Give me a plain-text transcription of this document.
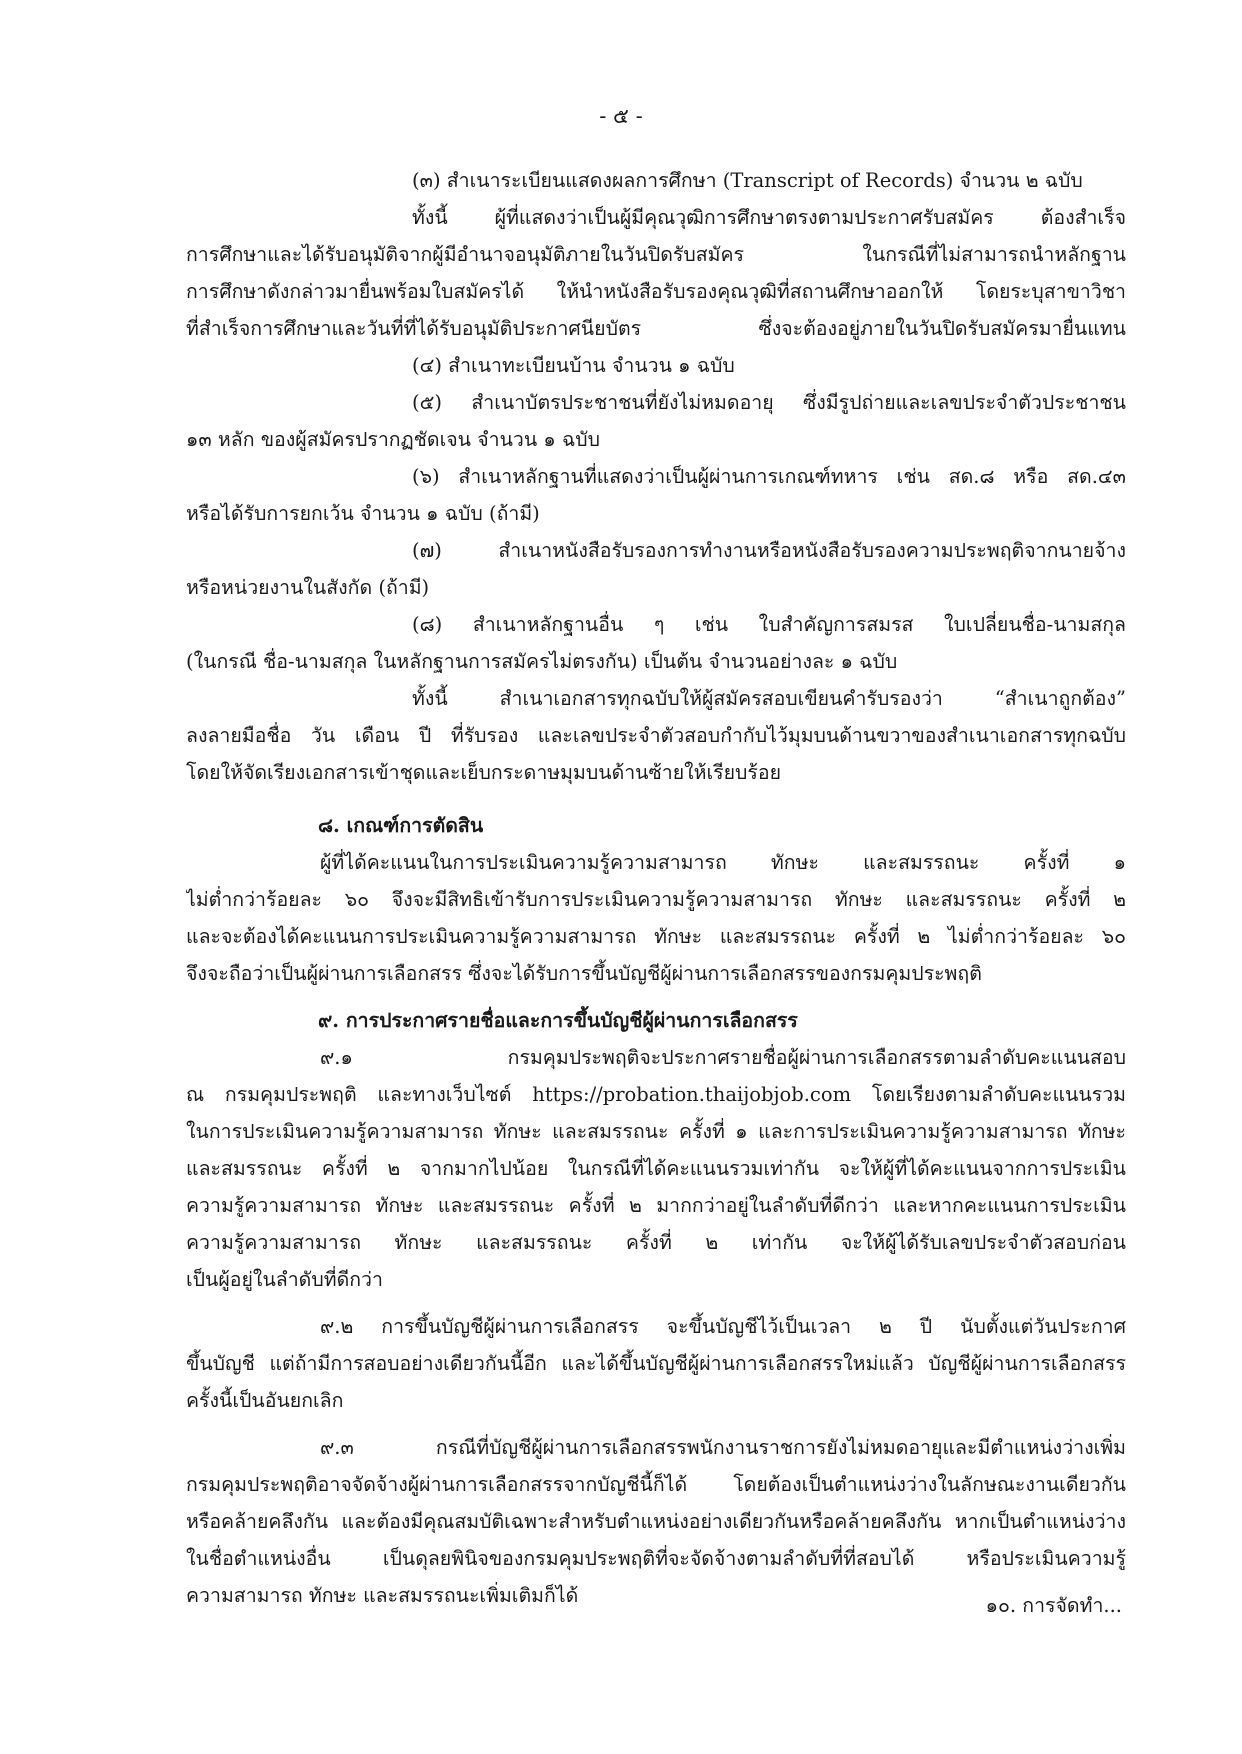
- ๕ -
(๓) สำเนาระเบียนแสดงผลการศึกษา (Transcript of Records) จำนวน ๒ ฉบับ
ทั้งนี้ ผู้ที่แสดงว่าเป็นผู้มีคุณวุฒิการศึกษาตรงตามประกาศรับสมัคร ต้องสำเร็จ
การศึกษาและได้รับอนุมัติจากผู้มีอำนาจอนุมัติภายในวันปิดรับสมัคร ในกรณีที่ไม่สามารถนำหลักฐาน
การศึกษาดังกล่าวมายื่นพร้อมใบสมัครได้ ให้นำหนังสือรับรองคุณวุฒิที่สถานศึกษาออกให้ โดยระบุสาขาวิชา
ที่สำเร็จการศึกษาและวันที่ที่ได้รับอนุมัติประกาศนียบัตร ซึ่งจะต้องอยู่ภายในวันปิดรับสมัครมายื่นแทน
(๔) สำเนาทะเบียนบ้าน จำนวน ๑ ฉบับ
(๕) สำเนาบัตรประชาชนที่ยังไม่หมดอายุ ซึ่งมีรูปถ่ายและเลขประจำตัวประชาชน
๑๓ หลัก ของผู้สมัครปรากฏชัดเจน จำนวน ๑ ฉบับ
(๖) สำเนาหลักฐานที่แสดงว่าเป็นผู้ผ่านการเกณฑ์ทหาร เช่น สด.๘ หรือ สด.๔๓
หรือได้รับการยกเว้น จำนวน ๑ ฉบับ (ถ้ามี)
(๗) สำเนาหนังสือรับรองการทำงานหรือหนังสือรับรองความประพฤติจากนายจ้าง
หรือหน่วยงานในสังกัด (ถ้ามี)
(๘) สำเนาหลักฐานอื่น ๆ เช่น ใบสำคัญการสมรส ใบเปลี่ยนชื่อ-นามสกุล
(ในกรณี ชื่อ-นามสกุล ในหลักฐานการสมัครไม่ตรงกัน) เป็นต้น จำนวนอย่างละ ๑ ฉบับ
ทั้งนี้ สำเนาเอกสารทุกฉบับให้ผู้สมัครสอบเขียนคำรับรองว่า “สำเนาถูกต้อง”
ลงลายมือชื่อ วัน เดือน ปี ที่รับรอง และเลขประจำตัวสอบกำกับไว้มุมบนด้านขวาของสำเนาเอกสารทุกฉบับ
โดยให้จัดเรียงเอกสารเข้าชุดและเย็บกระดาษมุมบนด้านซ้ายให้เรียบร้อย
๘. เกณฑ์การตัดสิน
ผู้ที่ได้คะแนนในการประเมินความรู้ความสามารถ ทักษะ และสมรรถนะ ครั้งที่ ๑
ไม่ต่ำกว่าร้อยละ ๖๐ จึงจะมีสิทธิเข้ารับการประเมินความรู้ความสามารถ ทักษะ และสมรรถนะ ครั้งที่ ๒
และจะต้องได้คะแนนการประเมินความรู้ความสามารถ ทักษะ และสมรรถนะ ครั้งที่ ๒ ไม่ต่ำกว่าร้อยละ ๖๐
จึงจะถือว่าเป็นผู้ผ่านการเลือกสรร ซึ่งจะได้รับการขึ้นบัญชีผู้ผ่านการเลือกสรรของกรมคุมประพฤติ
๙. การประกาศรายชื่อและการขึ้นบัญชีผู้ผ่านการเลือกสรร
๙.๑ กรมคุมประพฤติจะประกาศรายชื่อผู้ผ่านการเลือกสรรตามลำดับคะแนนสอบ
ณ กรมคุมประพฤติ และทางเว็บไซต์ https://probation.thaijobjob.com โดยเรียงตามลำดับคะแนนรวม
ในการประเมินความรู้ความสามารถ ทักษะ และสมรรถนะ ครั้งที่ ๑ และการประเมินความรู้ความสามารถ ทักษะ
และสมรรถนะ ครั้งที่ ๒ จากมากไปน้อย ในกรณีที่ได้คะแนนรวมเท่ากัน จะให้ผู้ที่ได้คะแนนจากการประเมิน
ความรู้ความสามารถ ทักษะ และสมรรถนะ ครั้งที่ ๒ มากกว่าอยู่ในลำดับที่ดีกว่า และหากคะแนนการประเมิน
ความรู้ความสามารถ ทักษะ และสมรรถนะ ครั้งที่ ๒ เท่ากัน จะให้ผู้ได้รับเลขประจำตัวสอบก่อน
เป็นผู้อยู่ในลำดับที่ดีกว่า
๙.๒ การขึ้นบัญชีผู้ผ่านการเลือกสรร จะขึ้นบัญชีไว้เป็นเวลา ๒ ปี นับตั้งแต่วันประกาศ
ขึ้นบัญชี แต่ถ้ามีการสอบอย่างเดียวกันนี้อีก และได้ขึ้นบัญชีผู้ผ่านการเลือกสรรใหม่แล้ว บัญชีผู้ผ่านการเลือกสรร
ครั้งนี้เป็นอันยกเลิก
๙.๓ กรณีที่บัญชีผู้ผ่านการเลือกสรรพนักงานราชการยังไม่หมดอายุและมีตำแหน่งว่างเพิ่ม
กรมคุมประพฤติอาจจัดจ้างผู้ผ่านการเลือกสรรจากบัญชีนี้ก็ได้ โดยต้องเป็นตำแหน่งว่างในลักษณะงานเดียวกัน
หรือคล้ายคลึงกัน และต้องมีคุณสมบัติเฉพาะสำหรับตำแหน่งอย่างเดียวกันหรือคล้ายคลึงกัน หากเป็นตำแหน่งว่าง
ในชื่อตำแหน่งอื่น เป็นดุลยพินิจของกรมคุมประพฤติที่จะจัดจ้างตามลำดับที่ที่สอบได้ หรือประเมินความรู้
ความสามารถ ทักษะ และสมรรถนะเพิ่มเติมก็ได้	๑๐. การจัดทำ...
